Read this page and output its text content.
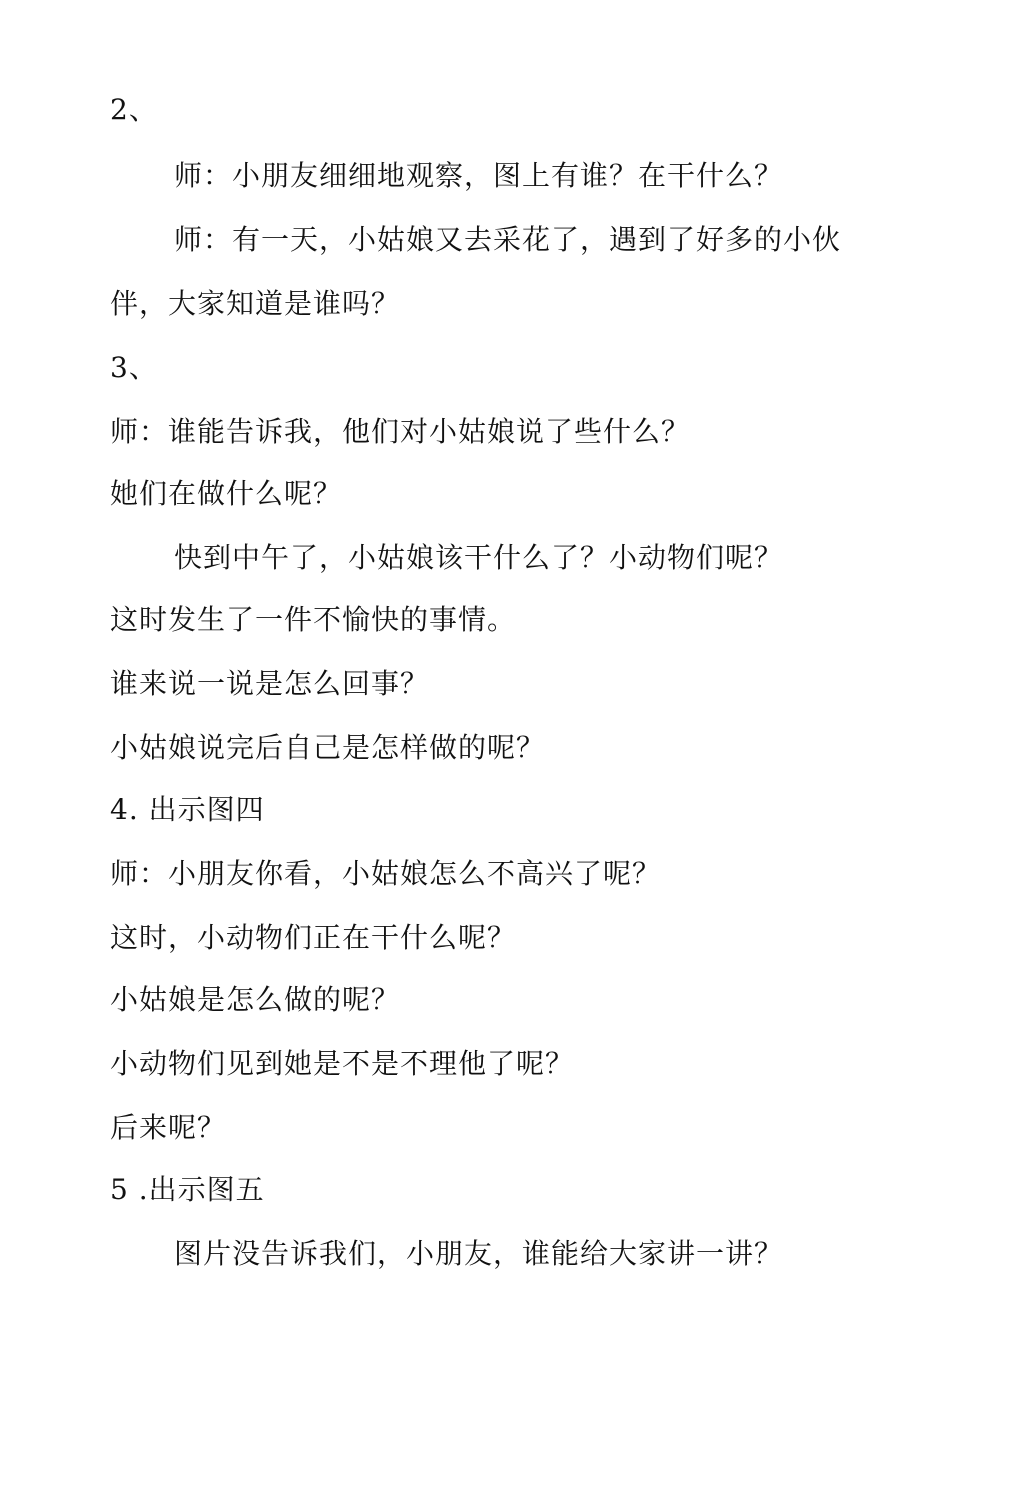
2、
师：小朋友细细地观察，图上有谁？在干什么？
师：有一天，小姑娘又去采花了，遇到了好多的小伙
伴，大家知道是谁吗？
3、
师：谁能告诉我，他们对小姑娘说了些什么？
她们在做什么呢？
快到中午了，小姑娘该干什么了？小动物们呢？
这时发生了一件不愉快的事情。
谁来说一说是怎么回事？
小姑娘说完后自己是怎样做的呢？
4. 出示图四
师：小朋友你看，小姑娘怎么不高兴了呢？
这时，小动物们正在干什么呢？
小姑娘是怎么做的呢？
小动物们见到她是不是不理他了呢？
后来呢？
5 .出示图五
图片没告诉我们，小朋友，谁能给大家讲一讲？
